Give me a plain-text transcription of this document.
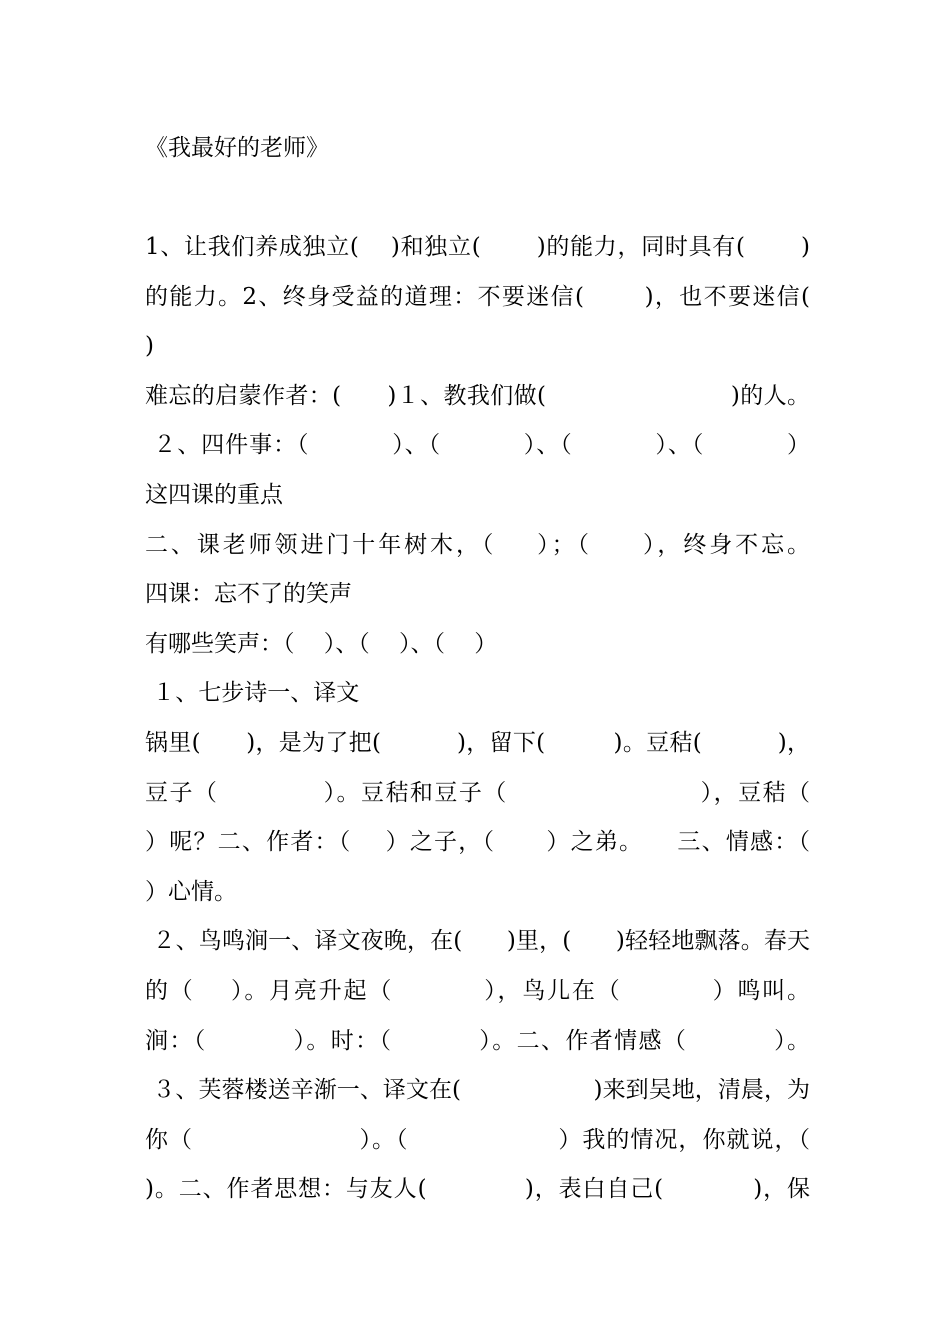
《我最好的老师》
1、让我们养成独立(    )和独立(       )的能力，同时具有(       )
的能力。2、终身受益的道理：不要迷信(       )，也不要迷信(
)
难忘的启蒙作者：(      )１、教我们做(                        )的人。
２、四件事：（          ）、（          ）、（          ）、（          ）
这四课的重点
二、课老师领进门十年树木，（    ）；（     ），终身不忘。
四课：忘不了的笑声
有哪些笑声：（    ）、（    ）、（    ）
１、七步诗一、译文
锅里(      )，是为了把(          )，留下(         )。豆秸(          )，
豆子（            ）。豆秸和豆子（                      ），豆秸（
）呢？二、作者：（    ）之子，（      ）之弟。    三、情感：（
）心情。
２、鸟鸣涧一、译文夜晚，在(      )里，(      )轻轻地飘落。春天
的（    ）。月亮升起（          ），鸟儿在（          ）鸣叫。
涧：（          ）。时：（          ）。二、作者情感（          ）。
３、芙蓉楼送辛渐一、译文在(                  )来到吴地，清晨，为
你（                    ）。（                  ）我的情况，你就说，（
)。二、作者思想：与友人(            )，表白自己(           )，保
